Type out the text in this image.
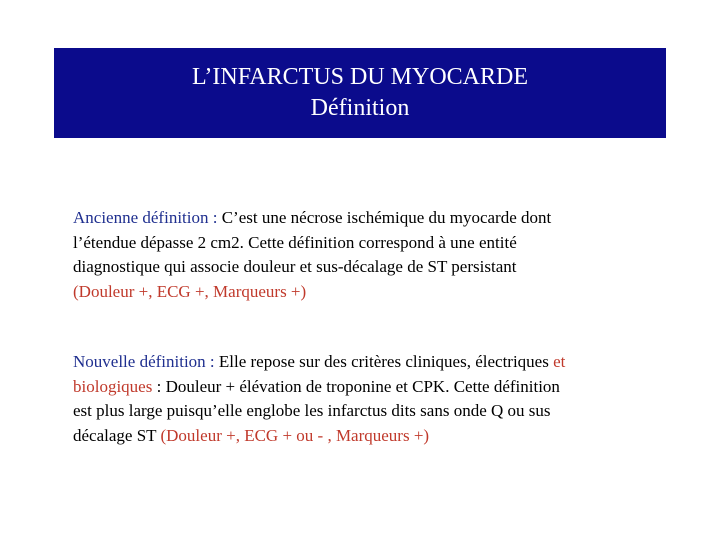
L’INFARCTUS DU MYOCARDE
Définition
Ancienne définition : C’est une nécrose ischémique du myocarde dont
l’étendue dépasse 2 cm2. Cette définition correspond à une entité
diagnostique qui associe douleur et sus-décalage de ST persistant
(Douleur +, ECG +, Marqueurs +)
Nouvelle définition : Elle repose sur des critères cliniques, électriques et
biologiques : Douleur + élévation de troponine et CPK. Cette définition
est plus large puisqu’elle englobe les infarctus dits sans onde Q ou sus
décalage ST (Douleur +, ECG + ou - , Marqueurs +)
